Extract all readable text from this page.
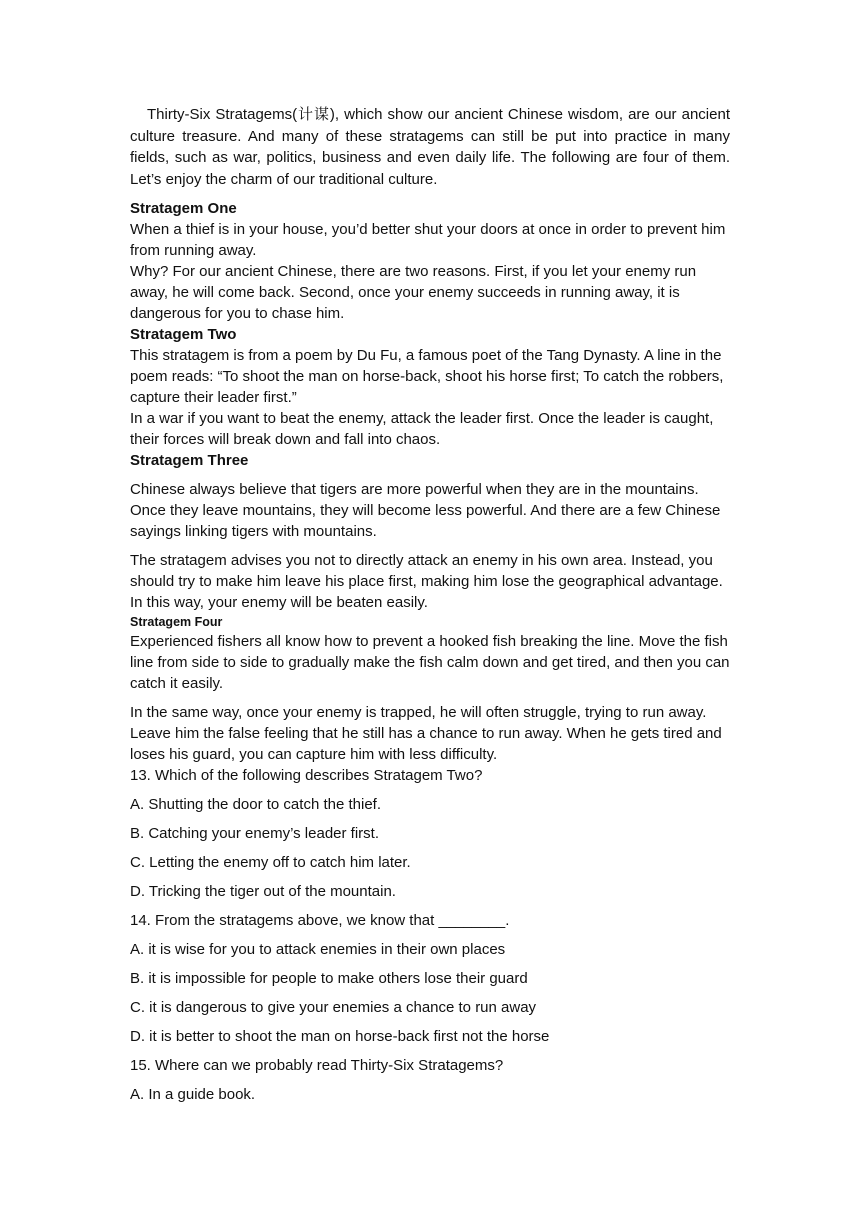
Thirty-Six Stratagems(计谋), which show our ancient Chinese wisdom, are our ancient culture treasure. And many of these stratagems can still be put into practice in many fields, such as war, politics, business and even daily life. The following are four of them. Let’s enjoy the charm of our traditional culture.

Stratagem One

When a thief is in your house, you’d better shut your doors at once in order to prevent him from running away.

Why? For our ancient Chinese, there are two reasons. First, if you let your enemy run away, he will come back. Second, once your enemy succeeds in running away, it is dangerous for you to chase him.

Stratagem Two

This stratagem is from a poem by Du Fu, a famous poet of the Tang Dynasty. A line in the poem reads: “To shoot the man on horse-back, shoot his horse first; To catch the robbers, capture their leader first.”

In a war if you want to beat the enemy, attack the leader first. Once the leader is caught, their forces will break down and fall into chaos.

Stratagem Three

Chinese always believe that tigers are more powerful when they are in the mountains. Once they leave mountains, they will become less powerful. And there are a few Chinese sayings linking tigers with mountains.

The stratagem advises you not to directly attack an enemy in his own area. Instead, you should try to make him leave his place first, making him lose the geographical advantage. In this way, your enemy will be beaten easily.

Stratagem Four

Experienced fishers all know how to prevent a hooked fish breaking the line. Move the fish line from side to side to gradually make the fish calm down and get tired, and then you can catch it easily.

In the same way, once your enemy is trapped, he will often struggle, trying to run away. Leave him the false feeling that he still has a chance to run away. When he gets tired and loses his guard, you can capture him with less difficulty.

13. Which of the following describes Stratagem Two?

A. Shutting the door to catch the thief.

B. Catching your enemy’s leader first.

C. Letting the enemy off to catch him later.

D. Tricking the tiger out of the mountain.

14. From the stratagems above, we know that ________.

A. it is wise for you to attack enemies in their own places

B. it is impossible for people to make others lose their guard

C. it is dangerous to give your enemies a chance to run away

D. it is better to shoot the man on horse-back first not the horse

15. Where can we probably read Thirty-Six Stratagems?

A. In a guide book.
